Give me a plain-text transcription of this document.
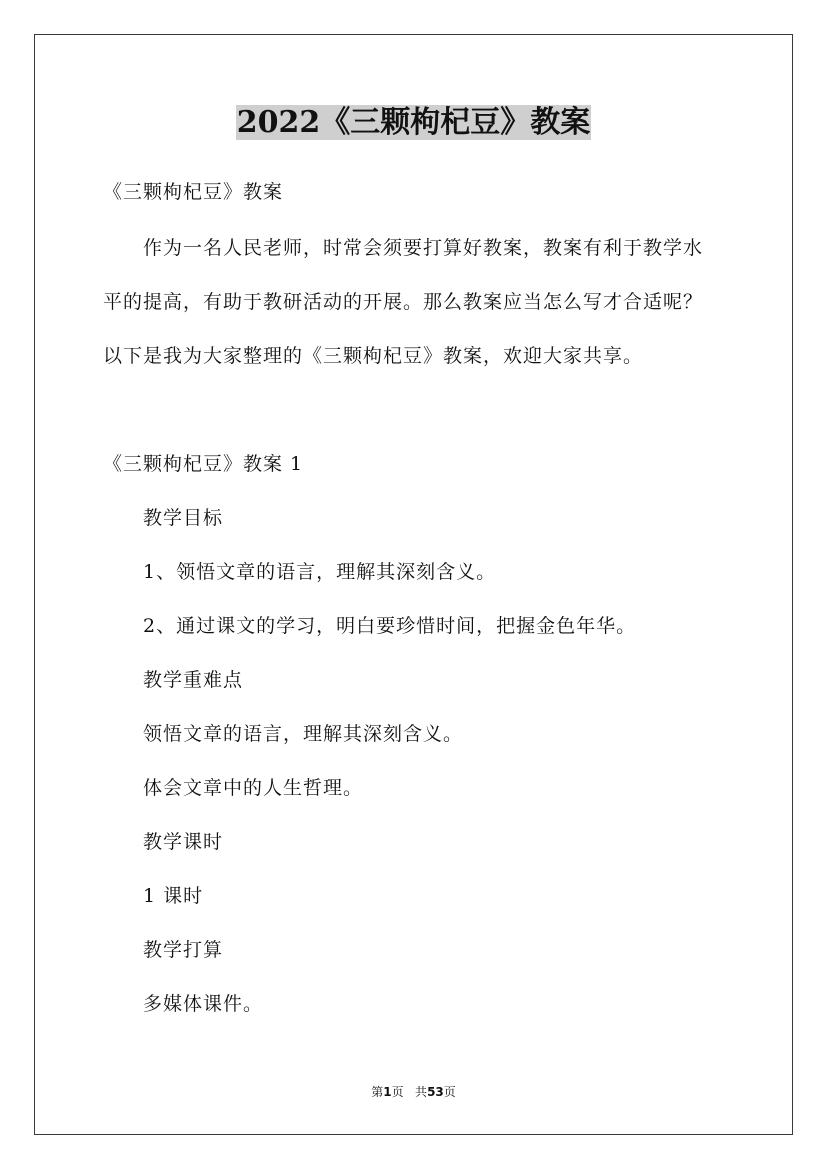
2022《三颗枸杞豆》教案
《三颗枸杞豆》教案
作为一名人民老师，时常会须要打算好教案，教案有利于教学水
平的提高，有助于教研活动的开展。那么教案应当怎么写才合适呢？
以下是我为大家整理的《三颗枸杞豆》教案，欢迎大家共享。
《三颗枸杞豆》教案 1
教学目标
1、领悟文章的语言，理解其深刻含义。
2、通过课文的学习，明白要珍惜时间，把握金色年华。
教学重难点
领悟文章的语言，理解其深刻含义。
体会文章中的人生哲理。
教学课时
1 课时
教学打算
多媒体课件。
第1页 共53页
